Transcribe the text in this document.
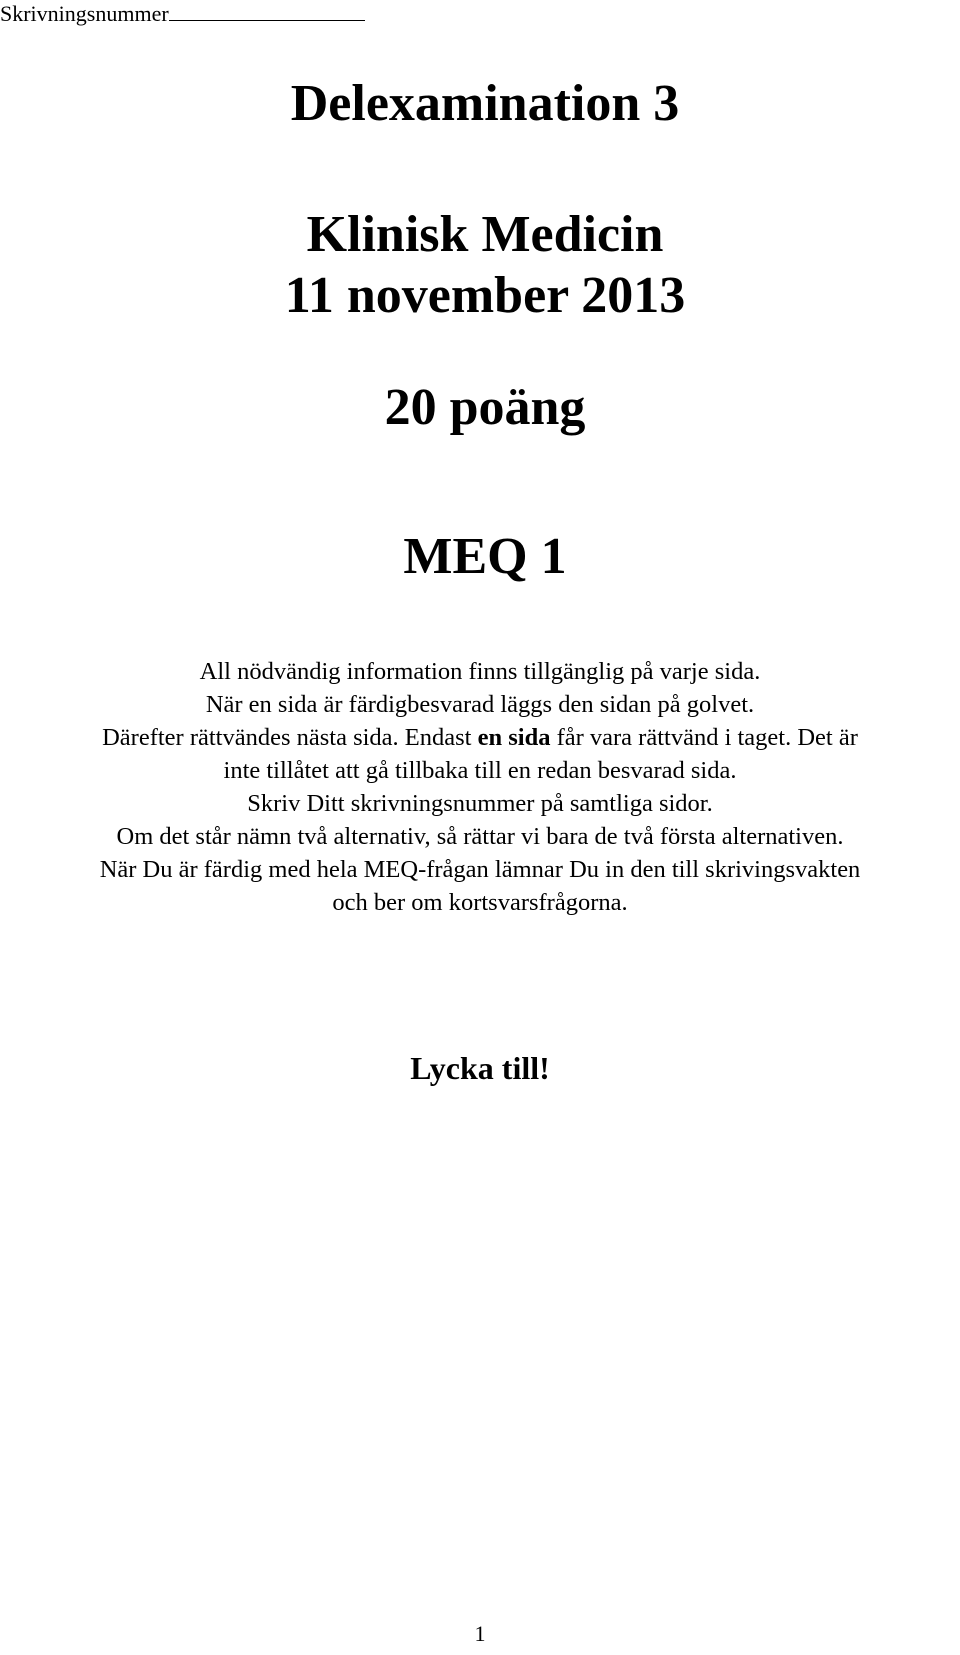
Skrivningsnummer
Delexamination 3
Klinisk Medicin
11 november 2013
20 poäng
MEQ 1
All nödvändig information finns tillgänglig på varje sida.
När en sida är färdigbesvarad läggs den sidan på golvet.
Därefter rättvändes nästa sida. Endast en sida får vara rättvänd i taget. Det är
inte tillåtet att gå tillbaka till en redan besvarad sida.
Skriv Ditt skrivningsnummer på samtliga sidor.
Om det står nämn två alternativ, så rättar vi bara de två första alternativen.
När Du är färdig med hela MEQ-frågan lämnar Du in den till skrivingsvakten
och ber om kortsvarsfrågorna.
Lycka till!
1
